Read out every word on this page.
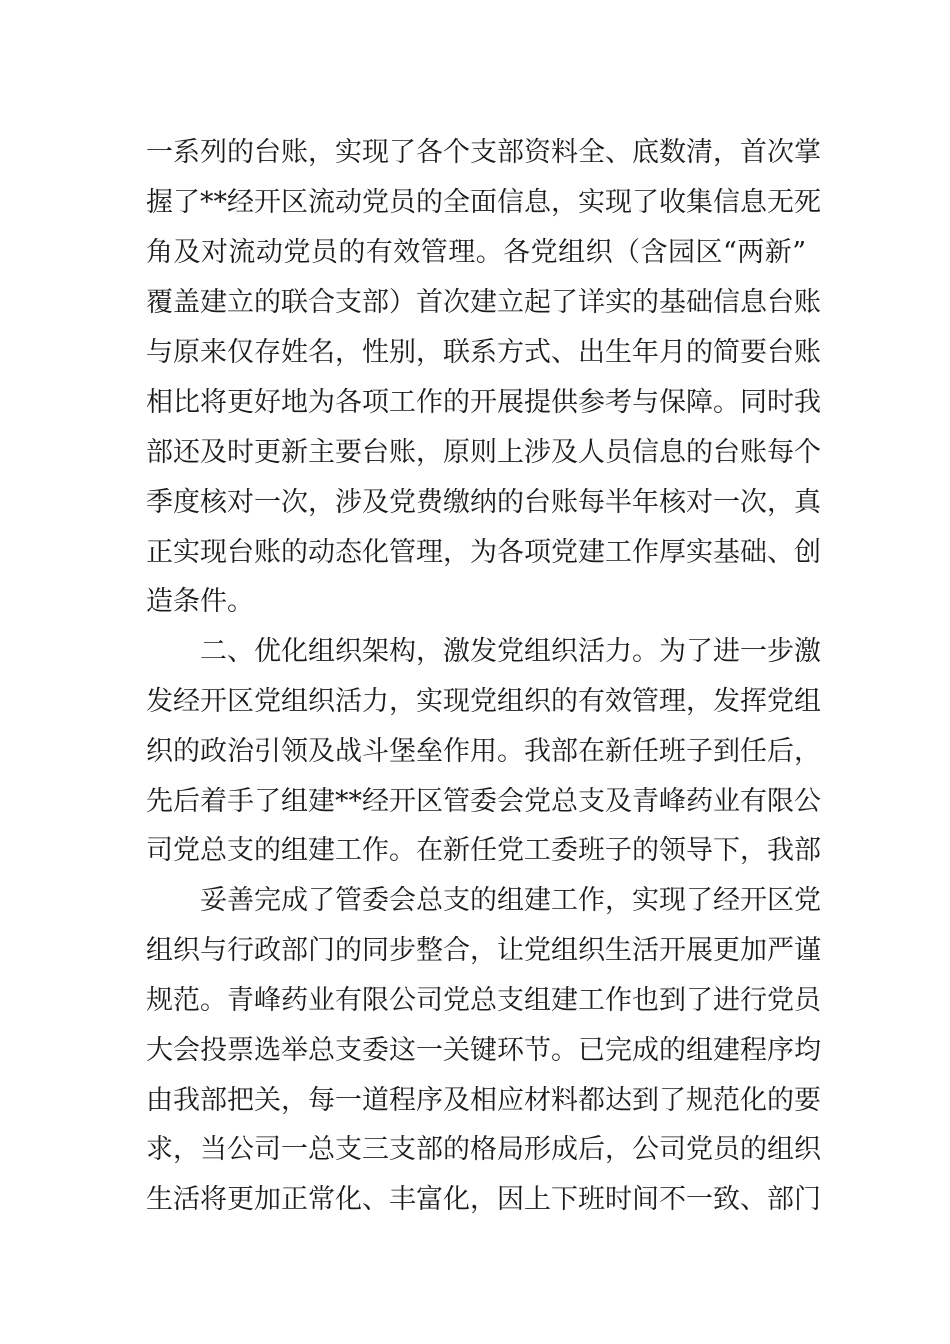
一系列的台账，实现了各个支部资料全、底数清，首次掌
握了**经开区流动党员的全面信息，实现了收集信息无死
角及对流动党员的有效管理。各党组织（含园区“两新”
覆盖建立的联合支部）首次建立起了详实的基础信息台账
与原来仅存姓名，性别，联系方式、出生年月的简要台账
相比将更好地为各项工作的开展提供参考与保障。同时我
部还及时更新主要台账，原则上涉及人员信息的台账每个
季度核对一次，涉及党费缴纳的台账每半年核对一次，真
正实现台账的动态化管理，为各项党建工作厚实基础、创
造条件。
二、优化组织架构，激发党组织活力。为了进一步激
发经开区党组织活力，实现党组织的有效管理，发挥党组
织的政治引领及战斗堡垒作用。我部在新任班子到任后，
先后着手了组建**经开区管委会党总支及青峰药业有限公
司党总支的组建工作。在新任党工委班子的领导下，我部
妥善完成了管委会总支的组建工作，实现了经开区党
组织与行政部门的同步整合，让党组织生活开展更加严谨
规范。青峰药业有限公司党总支组建工作也到了进行党员
大会投票选举总支委这一关键环节。已完成的组建程序均
由我部把关，每一道程序及相应材料都达到了规范化的要
求，当公司一总支三支部的格局形成后，公司党员的组织
生活将更加正常化、丰富化，因上下班时间不一致、部门
